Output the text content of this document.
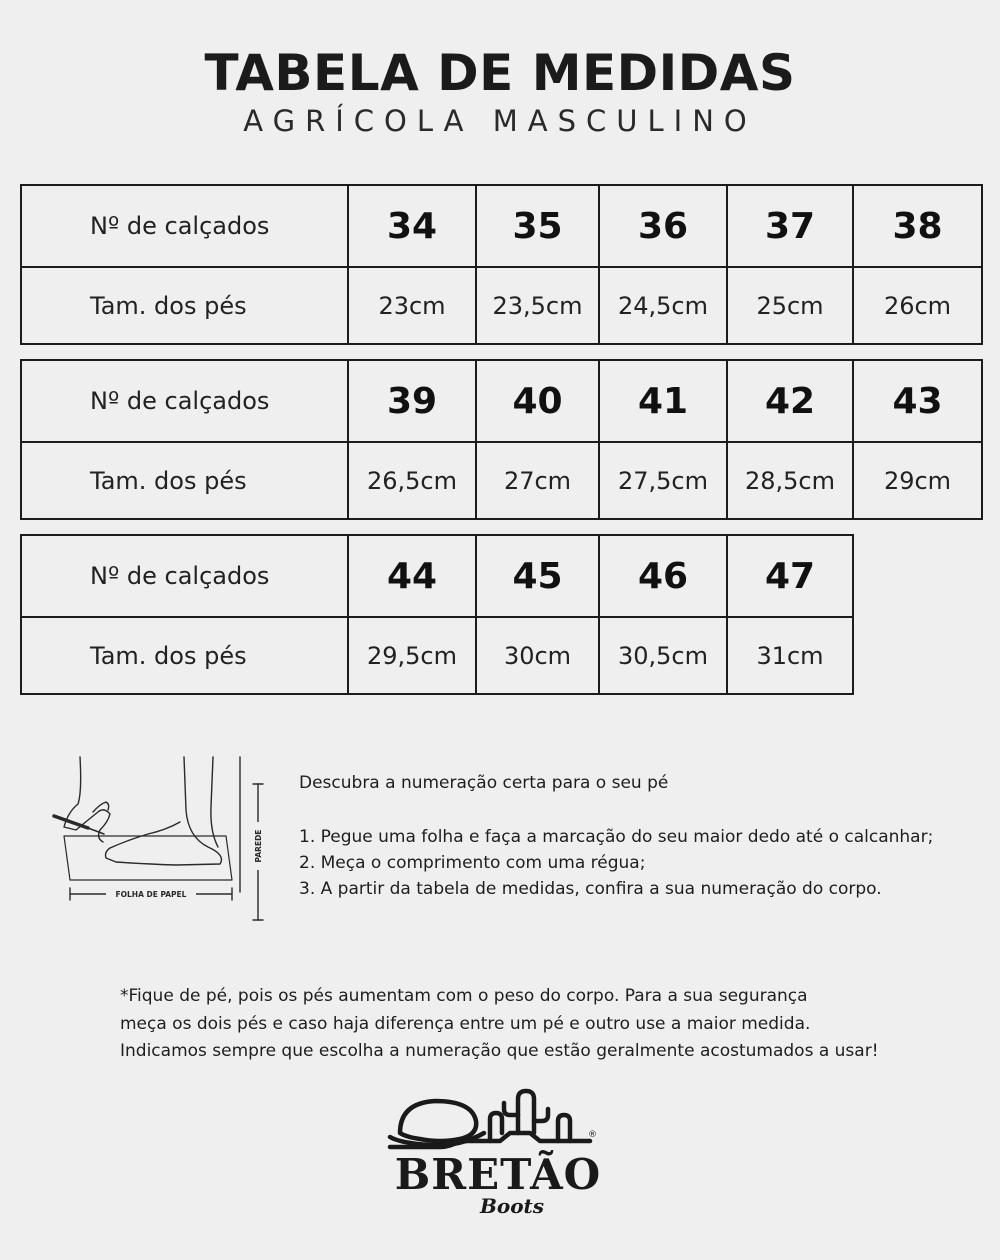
TABELA DE MEDIDAS
AGRÍCOLA MASCULINO
Nº de calçados	34	35	36	37	38
Tam. dos pés	23cm	23,5cm	24,5cm	25cm	26cm
Nº de calçados	39	40	41	42	43
Tam. dos pés	26,5cm	27cm	27,5cm	28,5cm	29cm
Nº de calçados	44	45	46	47	
Tam. dos pés	29,5cm	30cm	30,5cm	31cm	
FOLHA DE PAPEL
PAREDE

Descubra a numeração certa para o seu pé

1. Pegue uma folha e faça a marcação do seu maior dedo até o calcanhar;

2. Meça o comprimento com uma régua;

3. A partir da tabela de medidas, confira a sua numeração do corpo.

*Fique de pé, pois os pés aumentam com o peso do corpo. Para a sua segurança

meça os dois pés e caso haja diferença entre um pé e outro use a maior medida.

Indicamos sempre que escolha a numeração que estão geralmente acostumados a usar!

®
BRETÃO
Boots
